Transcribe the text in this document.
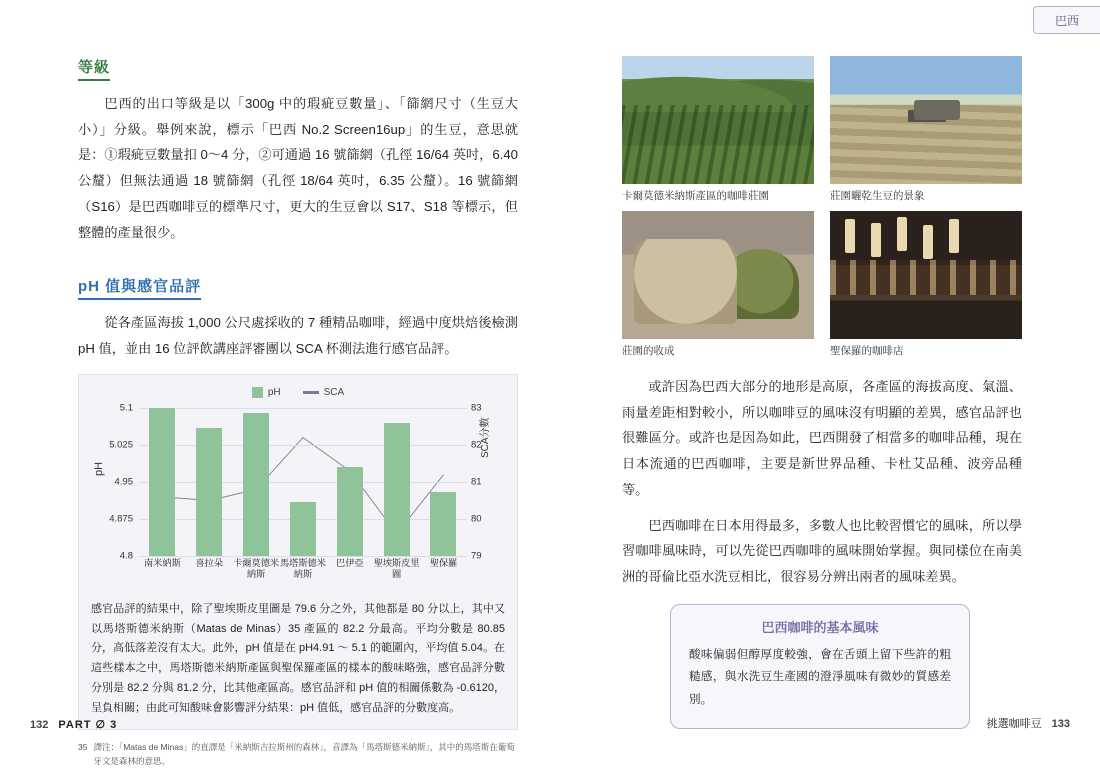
巴西
等級

巴西的出口等級是以「300g 中的瑕疵豆數量」、「篩網尺寸（生豆大小）」分級。舉例來說，標示「巴西 No.2 Screen16up」的生豆，意思就是：①瑕疵豆數量扣 0～4 分，②可通過 16 號篩網（孔徑 16/64 英吋，6.40 公釐）但無法通過 18 號篩網（孔徑 18/64 英吋，6.35 公釐）。16 號篩網（S16）是巴西咖啡豆的標準尺寸，更大的生豆會以 S17、S18 等標示，但整體的產量很少。

pH 值與感官品評

從各產區海拔 1,000 公尺處採收的 7 種精品咖啡，經過中度烘焙後檢測 pH 值，並由 16 位評飲講座評審團以 SCA 杯測法進行感官品評。

pH	SCA
pH
SCA分數
4.8	79
4.875	80
4.95	81
5.025	82
5.1	83
南米納斯	喜拉朵	卡爾莫德米納斯
馬塔斯德米納斯
巴伊亞	聖埃斯皮里圖
聖保羅
感官品評的結果中，除了聖埃斯皮里圖是 79.6 分之外，其他都是 80 分以上，其中又以馬塔斯德米納斯（Matas de Minas）35 產區的 82.2 分最高。平均分數是 80.85 分，高低落差沒有太大。此外，pH 值是在 pH4.91 ～ 5.1 的範圍內，平均值 5.04。在這些樣本之中，馬塔斯德米納斯產區與聖保羅產區的樣本的酸味略強，感官品評分數分別是 82.2 分與 81.2 分，比其他產區高。感官品評和 pH 值的相關係數為 -0.6120，呈負相關；由此可知酸味會影響評分結果：pH 值低，感官品評的分數度高。
35 譯注：「Matas de Minas」的直譯是「米納斯吉拉斯州的森林」，音譯為「馬塔斯德米納斯」，其中的馬塔斯在葡萄牙文是森林的意思。
卡爾莫德米納斯產區的咖啡莊園	莊園曬乾生豆的景象
莊園的收成	聖保羅的咖啡店

或許因為巴西大部分的地形是高原，各產區的海拔高度、氣溫、雨量差距相對較小，所以咖啡豆的風味沒有明顯的差異，感官品評也很難區分。或許也是因為如此，巴西開發了相當多的咖啡品種，現在日本流通的巴西咖啡，主要是新世界品種、卡杜艾品種、波旁品種等。

巴西咖啡在日本用得最多，多數人也比較習慣它的風味，所以學習咖啡風味時，可以先從巴西咖啡的風味開始掌握。與同樣位在南美洲的哥倫比亞水洗豆相比，很容易分辨出兩者的風味差異。

巴西咖啡的基本風味
酸味偏弱但醇厚度較強，會在舌頭上留下些許的粗糙感，與水洗豆生產國的澄淨風味有微妙的質感差別。
132 PART ∅ 3	挑選咖啡豆 133
